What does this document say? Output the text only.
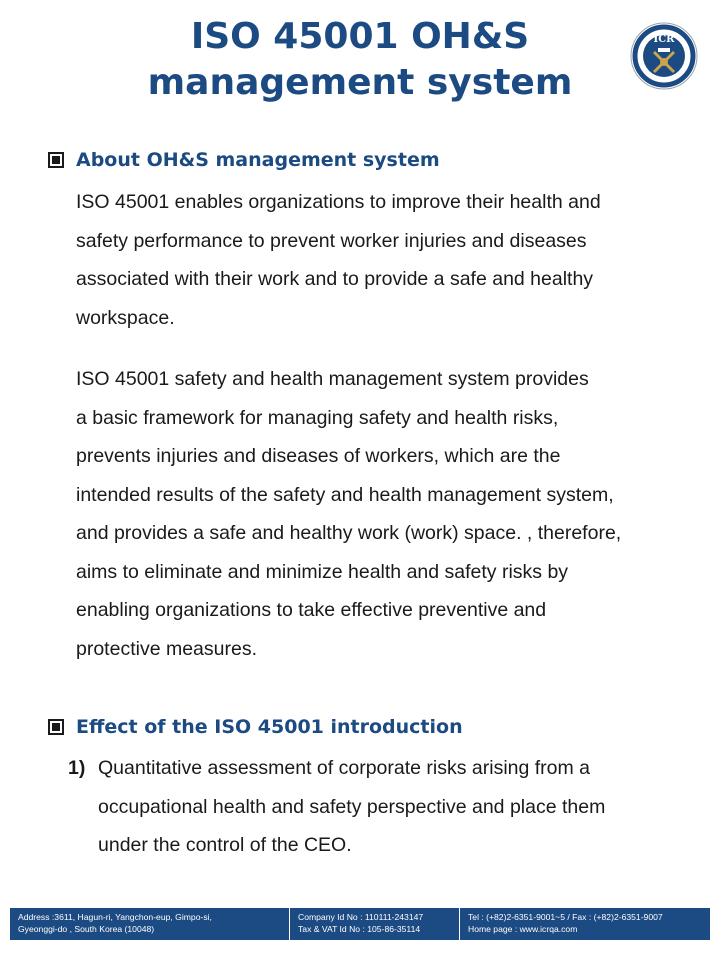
ISO 45001 OH&S
management system
ICR
About OH&S management system
ISO 45001 enables organizations to improve their health and
safety performance to prevent worker injuries and diseases
associated with their work and to provide a safe and healthy
workspace.
ISO 45001 safety and health management system provides
a basic framework for managing safety and health risks,
prevents injuries and diseases of workers, which are the
intended results of the safety and health management system,
and provides a safe and healthy work (work) space. , therefore,
aims to eliminate and minimize health and safety risks by
enabling organizations to take effective preventive and
protective measures.
Effect of the ISO 45001 introduction
1) Quantitative assessment of corporate risks arising from a
occupational health and safety perspective and place them
under the control of the CEO.
Address :3611, Hagun-ri, Yangchon-eup, Gimpo-si,
Gyeonggi-do , South Korea (10048)
Company Id No : 110111-243147
Tax & VAT Id No : 105-86-35114
Tel : (+82)2-6351-9001~5 / Fax : (+82)2-6351-9007
Home page : www.icrqa.com
